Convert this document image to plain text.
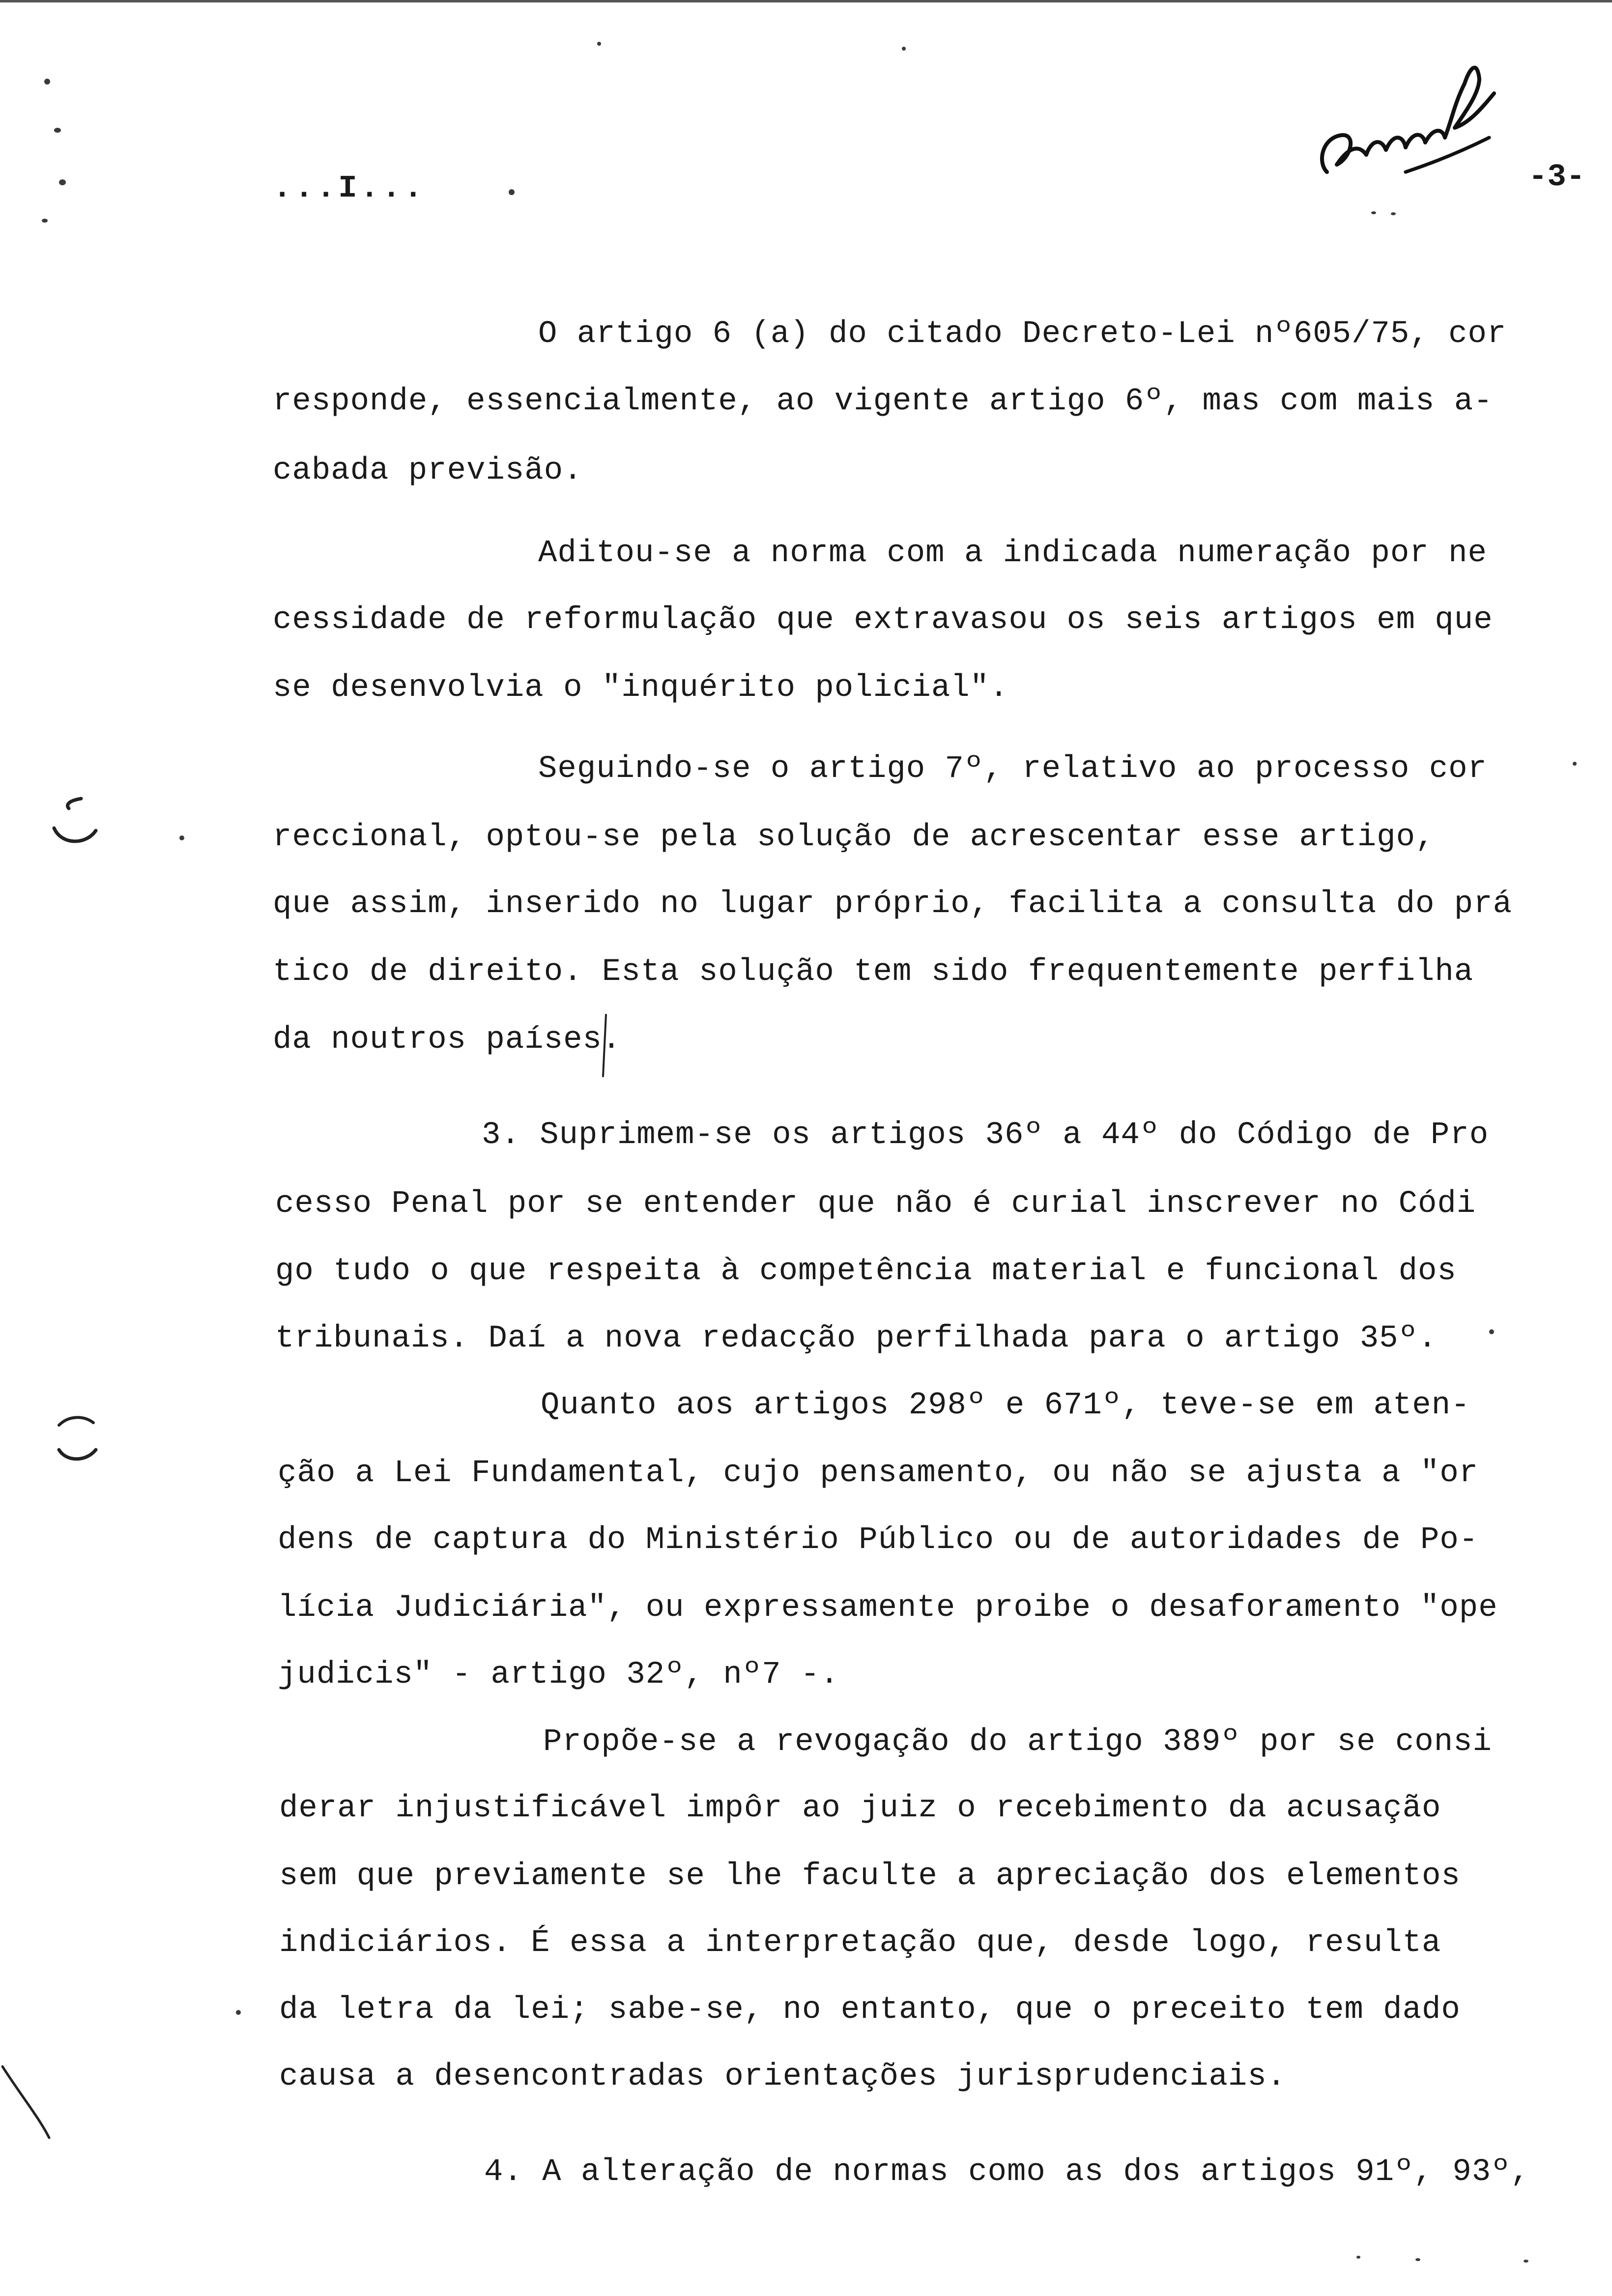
...I...	-3-
O artigo 6 (a) do citado Decreto-Lei nº605/75, cor
responde, essencialmente, ao vigente artigo 6º, mas com mais a-
cabada previsão.
Aditou-se a norma com a indicada numeração por ne
cessidade de reformulação que extravasou os seis artigos em que
se desenvolvia o "inquérito policial".
Seguindo-se o artigo 7º, relativo ao processo cor
reccional, optou-se pela solução de acrescentar esse artigo,
que assim, inserido no lugar próprio, facilita a consulta do prá
tico de direito. Esta solução tem sido frequentemente perfilha
da noutros países.
3. Suprimem-se os artigos 36º a 44º do Código de Pro
cesso Penal por se entender que não é curial inscrever no Códi
go tudo o que respeita à competência material e funcional dos
tribunais. Daí a nova redacção perfilhada para o artigo 35º.
Quanto aos artigos 298º e 671º, teve-se em aten-
ção a Lei Fundamental, cujo pensamento, ou não se ajusta a "or
dens de captura do Ministério Público ou de autoridades de Po-
lícia Judiciária", ou expressamente proibe o desaforamento "ope
judicis" - artigo 32º, nº7 -.
Propõe-se a revogação do artigo 389º por se consi
derar injustificável impôr ao juiz o recebimento da acusação
sem que previamente se lhe faculte a apreciação dos elementos
indiciários. É essa a interpretação que, desde logo, resulta
da letra da lei; sabe-se, no entanto, que o preceito tem dado
causa a desencontradas orientações jurisprudenciais.
4. A alteração de normas como as dos artigos 91º, 93º,
